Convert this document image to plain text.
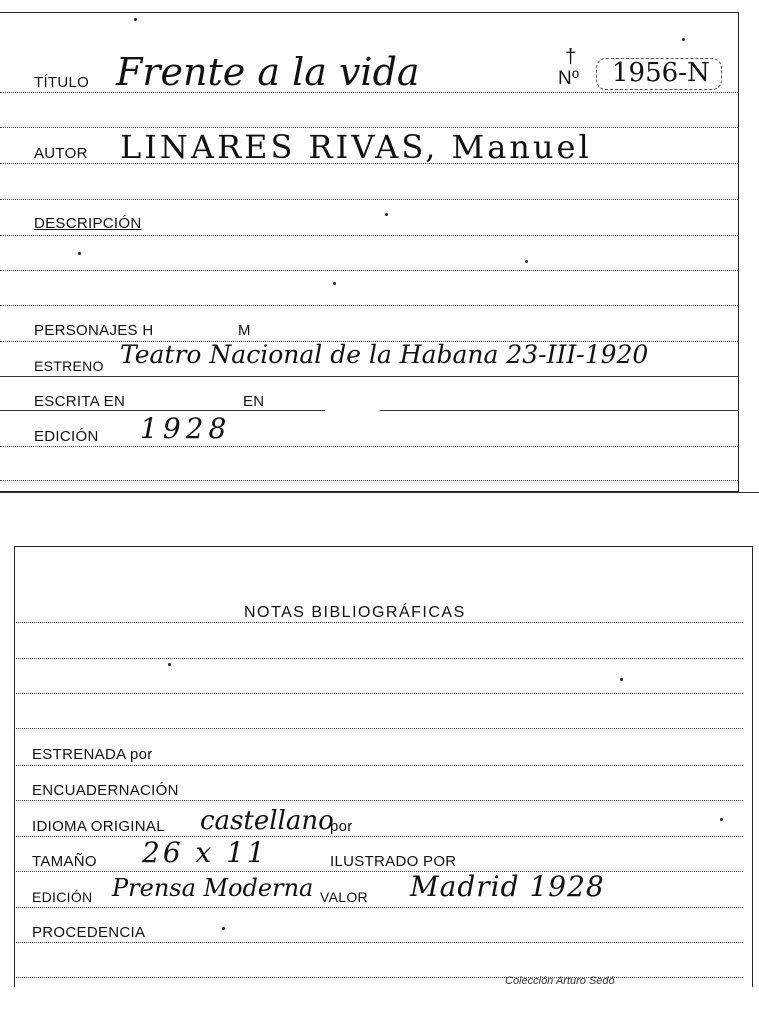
TÍTULO Frente a la vida	†
Nº 1956-N
AUTOR LINARES RIVAS, Manuel
DESCRIPCIÓN
PERSONAJES H	M
ESTRENO Teatro Nacional de la Habana 23-III-1920
ESCRITA EN	EN
EDICIÓN 1928
NOTAS BIBLIOGRÁFICAS
ESTRENADA por
ENCUADERNACIÓN
IDIOMA ORIGINAL castellano
por
TAMAÑO 26 x 11	ILUSTRADO POR
EDICIÓN Prensa Moderna VALOR Madrid 1928
PROCEDENCIA
Colección Arturo Sedó
